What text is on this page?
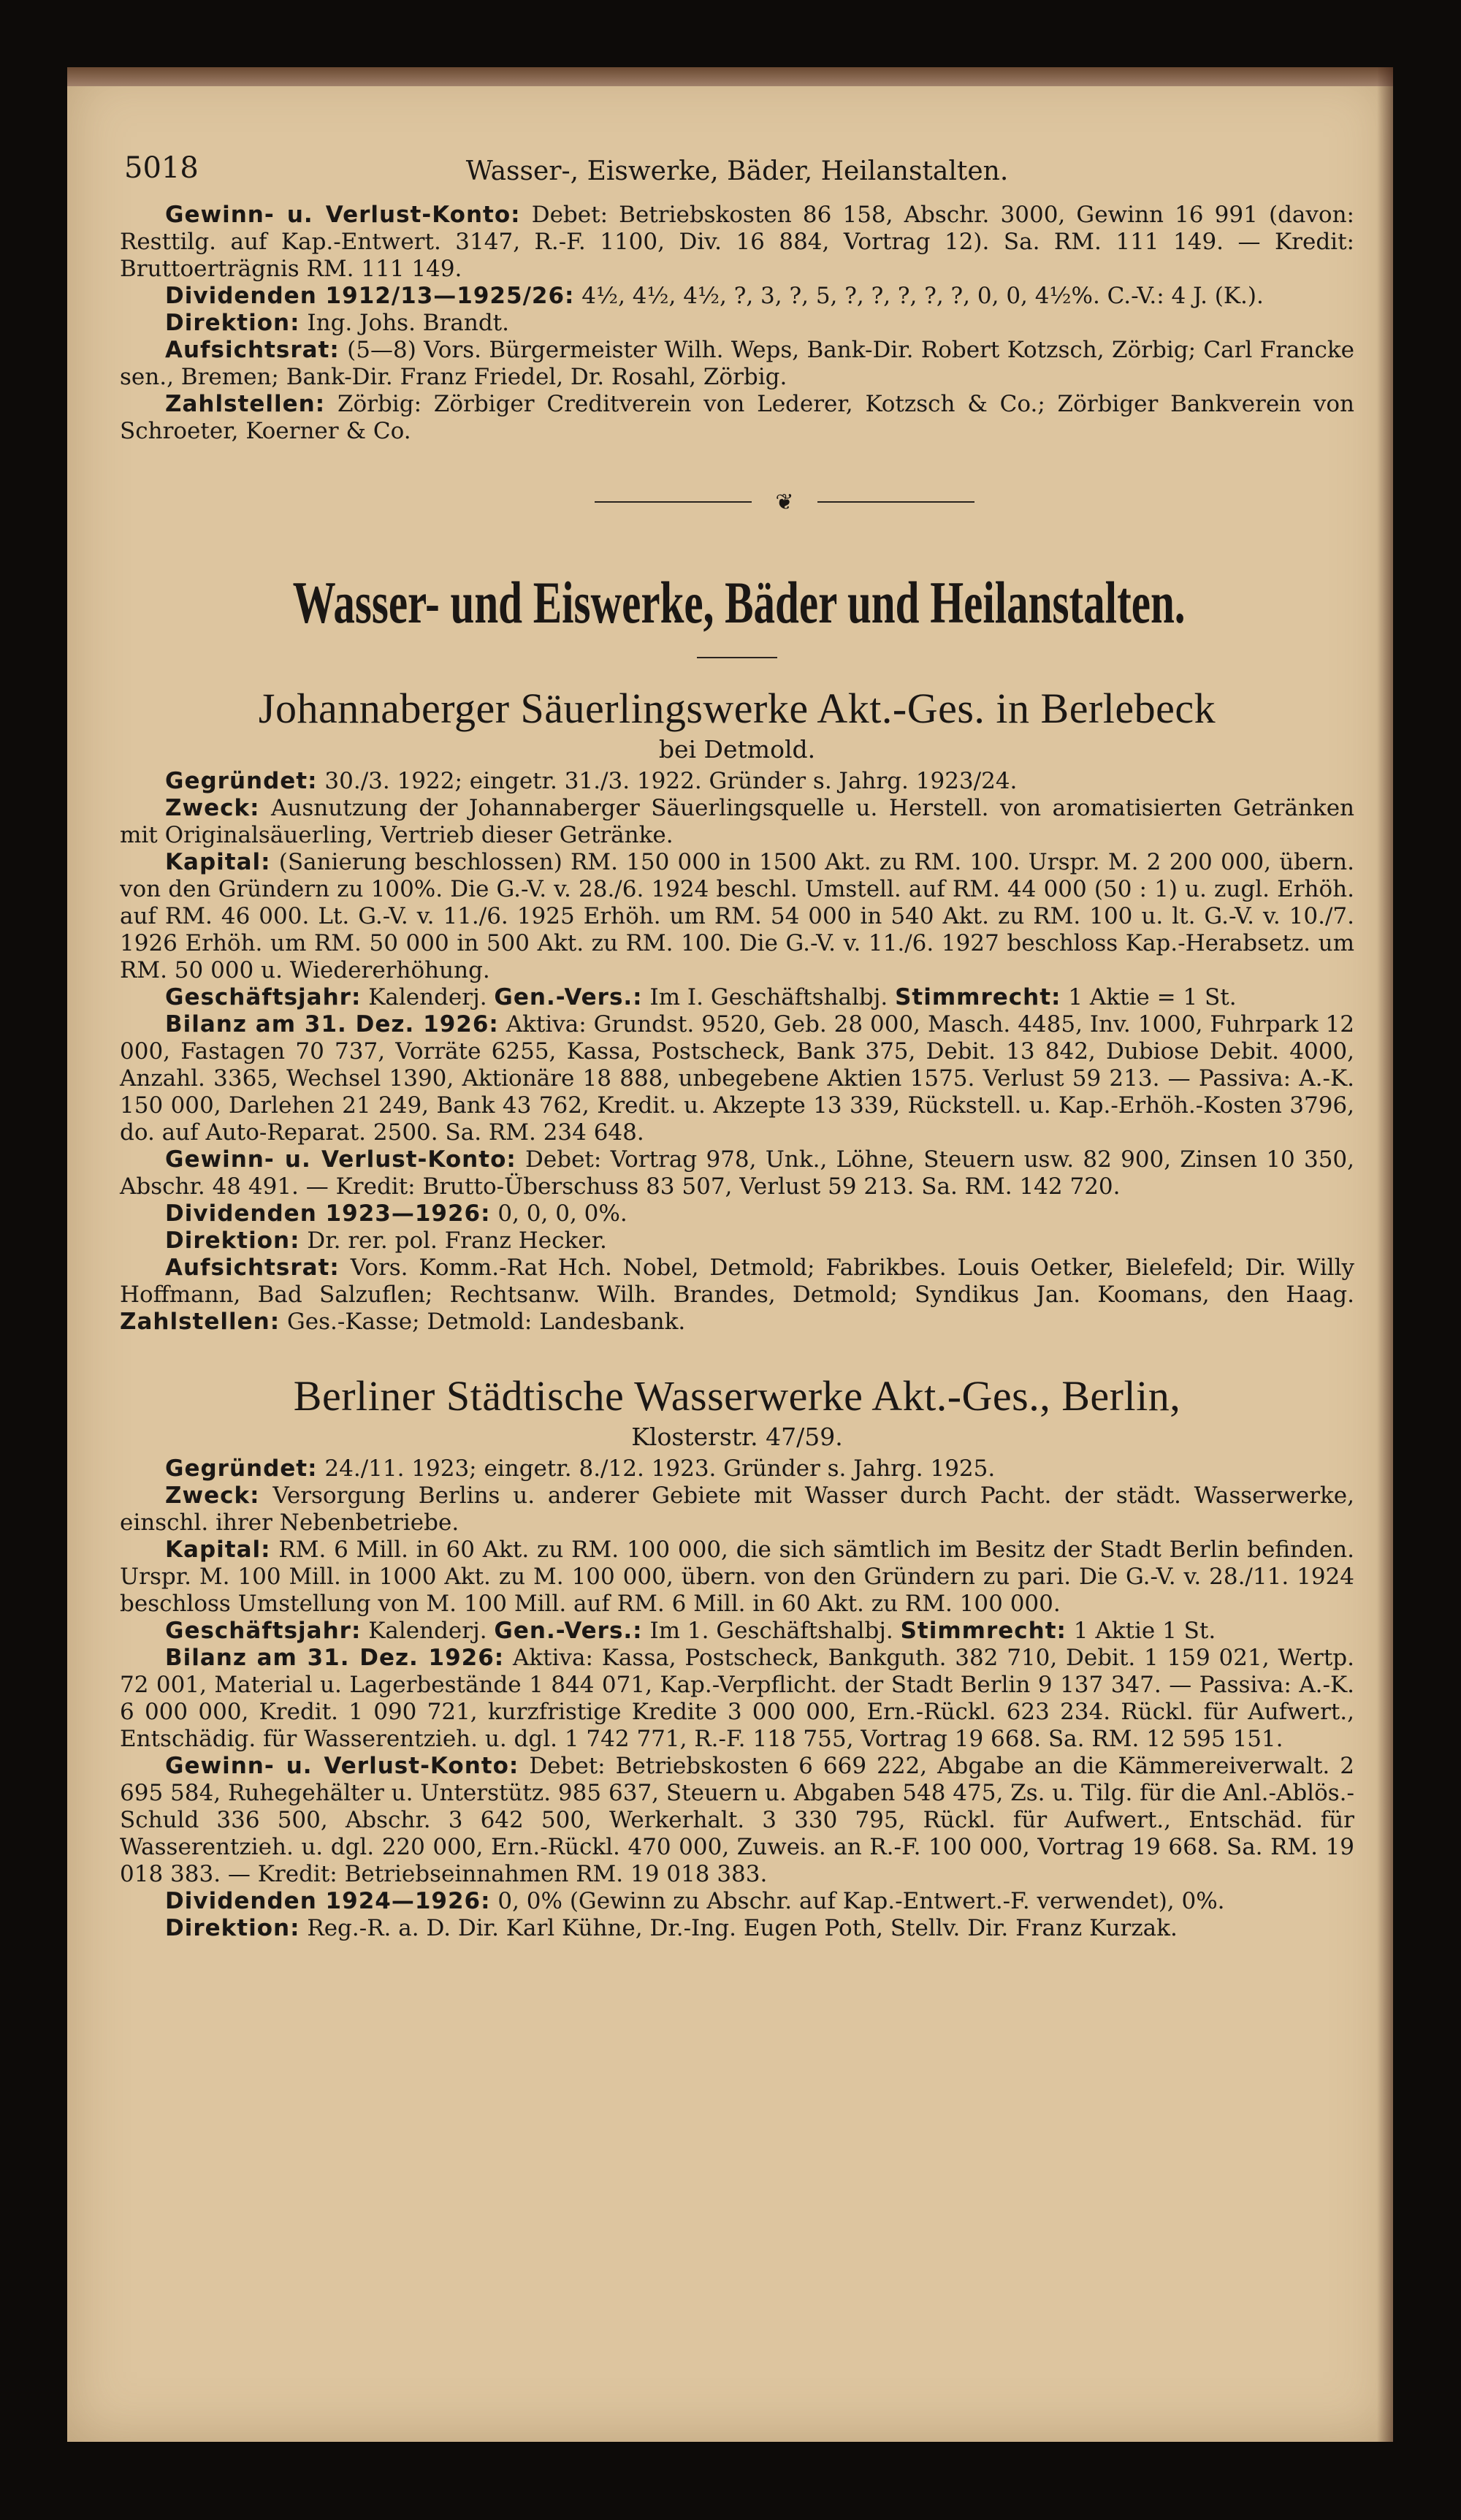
5018	Wasser-, Eiswerke, Bäder, Heilanstalten.

Gewinn- u. Verlust-Konto: Debet: Betriebskosten 86 158, Abschr. 3000, Gewinn 16 991 (davon: Resttilg. auf Kap.-Entwert. 3147, R.-F. 1100, Div. 16 884, Vortrag 12). Sa. RM. 111 149. — Kredit: Bruttoerträgnis RM. 111 149.

Dividenden 1912/13—1925/26: 4½, 4½, 4½, ?, 3, ?, 5, ?, ?, ?, ?, ?, 0, 0, 4½%. C.-V.: 4 J. (K.).

Direktion: Ing. Johs. Brandt.

Aufsichtsrat: (5—8) Vors. Bürgermeister Wilh. Weps, Bank-Dir. Robert Kotzsch, Zörbig; Carl Francke sen., Bremen; Bank-Dir. Franz Friedel, Dr. Rosahl, Zörbig.

Zahlstellen: Zörbig: Zörbiger Creditverein von Lederer, Kotzsch & Co.; Zörbiger Bankverein von Schroeter, Koerner & Co.

❦
Wasser- und Eiswerke, Bäder und Heilanstalten.
Johannaberger Säuerlingswerke Akt.-Ges. in Berlebeck
bei Detmold.

Gegründet: 30./3. 1922; eingetr. 31./3. 1922. Gründer s. Jahrg. 1923/24.

Zweck: Ausnutzung der Johannaberger Säuerlingsquelle u. Herstell. von aromatisierten Getränken mit Originalsäuerling, Vertrieb dieser Getränke.

Kapital: (Sanierung beschlossen) RM. 150 000 in 1500 Akt. zu RM. 100. Urspr. M. 2 200 000, übern. von den Gründern zu 100%. Die G.-V. v. 28./6. 1924 beschl. Umstell. auf RM. 44 000 (50 : 1) u. zugl. Erhöh. auf RM. 46 000. Lt. G.-V. v. 11./6. 1925 Erhöh. um RM. 54 000 in 540 Akt. zu RM. 100 u. lt. G.-V. v. 10./7. 1926 Erhöh. um RM. 50 000 in 500 Akt. zu RM. 100. Die G.-V. v. 11./6. 1927 beschloss Kap.-Herabsetz. um RM. 50 000 u. Wiedererhöhung.

Geschäftsjahr: Kalenderj. Gen.-Vers.: Im I. Geschäftshalbj. Stimmrecht: 1 Aktie = 1 St.

Bilanz am 31. Dez. 1926: Aktiva: Grundst. 9520, Geb. 28 000, Masch. 4485, Inv. 1000, Fuhrpark 12 000, Fastagen 70 737, Vorräte 6255, Kassa, Postscheck, Bank 375, Debit. 13 842, Dubiose Debit. 4000, Anzahl. 3365, Wechsel 1390, Aktionäre 18 888, unbegebene Aktien 1575. Verlust 59 213. — Passiva: A.-K. 150 000, Darlehen 21 249, Bank 43 762, Kredit. u. Akzepte 13 339, Rückstell. u. Kap.-Erhöh.-Kosten 3796, do. auf Auto-Reparat. 2500. Sa. RM. 234 648.

Gewinn- u. Verlust-Konto: Debet: Vortrag 978, Unk., Löhne, Steuern usw. 82 900, Zinsen 10 350, Abschr. 48 491. — Kredit: Brutto-Überschuss 83 507, Verlust 59 213. Sa. RM. 142 720.

Dividenden 1923—1926: 0, 0, 0, 0%.

Direktion: Dr. rer. pol. Franz Hecker.

Aufsichtsrat: Vors. Komm.-Rat Hch. Nobel, Detmold; Fabrikbes. Louis Oetker, Bielefeld; Dir. Willy Hoffmann, Bad Salzuflen; Rechtsanw. Wilh. Brandes, Detmold; Syndikus Jan. Koomans, den Haag. Zahlstellen: Ges.-Kasse; Detmold: Landesbank.

Berliner Städtische Wasserwerke Akt.-Ges., Berlin,
Klosterstr. 47/59.

Gegründet: 24./11. 1923; eingetr. 8./12. 1923. Gründer s. Jahrg. 1925.

Zweck: Versorgung Berlins u. anderer Gebiete mit Wasser durch Pacht. der städt. Wasserwerke, einschl. ihrer Nebenbetriebe.

Kapital: RM. 6 Mill. in 60 Akt. zu RM. 100 000, die sich sämtlich im Besitz der Stadt Berlin befinden. Urspr. M. 100 Mill. in 1000 Akt. zu M. 100 000, übern. von den Gründern zu pari. Die G.-V. v. 28./11. 1924 beschloss Umstellung von M. 100 Mill. auf RM. 6 Mill. in 60 Akt. zu RM. 100 000.

Geschäftsjahr: Kalenderj. Gen.-Vers.: Im 1. Geschäftshalbj. Stimmrecht: 1 Aktie 1 St.

Bilanz am 31. Dez. 1926: Aktiva: Kassa, Postscheck, Bankguth. 382 710, Debit. 1 159 021, Wertp. 72 001, Material u. Lagerbestände 1 844 071, Kap.-Verpflicht. der Stadt Berlin 9 137 347. — Passiva: A.-K. 6 000 000, Kredit. 1 090 721, kurzfristige Kredite 3 000 000, Ern.-Rückl. 623 234. Rückl. für Aufwert., Entschädig. für Wasserentzieh. u. dgl. 1 742 771, R.-F. 118 755, Vortrag 19 668. Sa. RM. 12 595 151.

Gewinn- u. Verlust-Konto: Debet: Betriebskosten 6 669 222, Abgabe an die Kämmereiverwalt. 2 695 584, Ruhegehälter u. Unterstütz. 985 637, Steuern u. Abgaben 548 475, Zs. u. Tilg. für die Anl.-Ablös.-Schuld 336 500, Abschr. 3 642 500, Werkerhalt. 3 330 795, Rückl. für Aufwert., Entschäd. für Wasserentzieh. u. dgl. 220 000, Ern.-Rückl. 470 000, Zuweis. an R.-F. 100 000, Vortrag 19 668. Sa. RM. 19 018 383. — Kredit: Betriebseinnahmen RM. 19 018 383.

Dividenden 1924—1926: 0, 0% (Gewinn zu Abschr. auf Kap.-Entwert.-F. verwendet), 0%.

Direktion: Reg.-R. a. D. Dir. Karl Kühne, Dr.-Ing. Eugen Poth, Stellv. Dir. Franz Kurzak.
